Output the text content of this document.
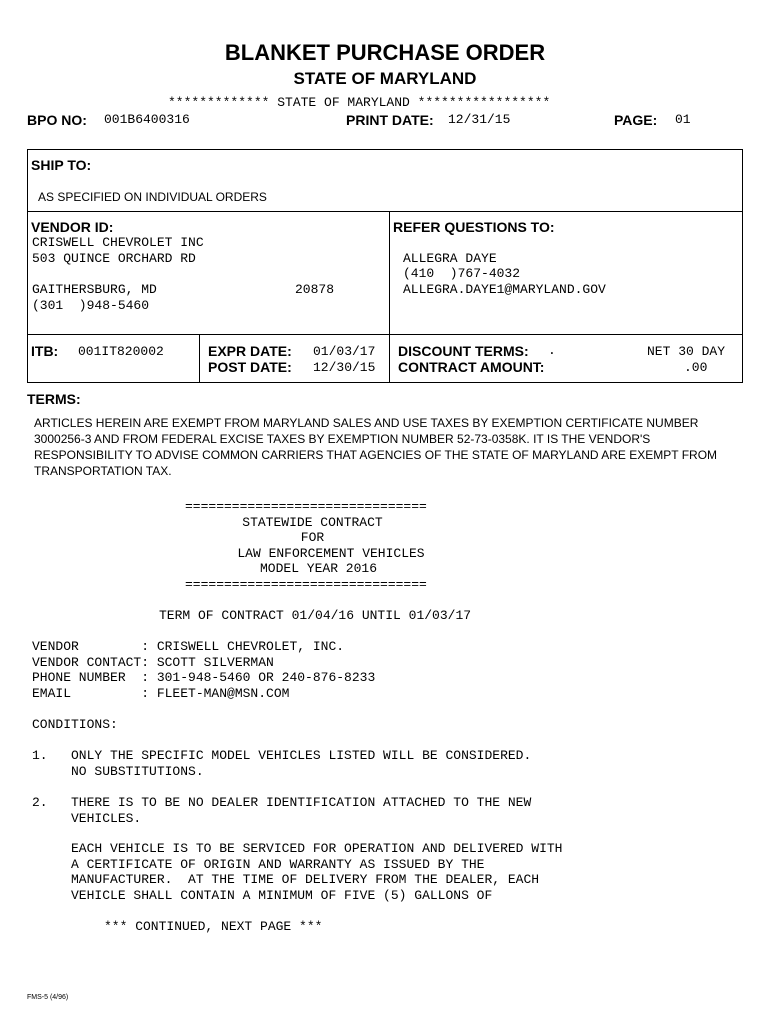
BLANKET PURCHASE ORDER
STATE OF MARYLAND
************* STATE OF MARYLAND *****************
BPO NO: 001B6400316	PRINT DATE: 12/31/15	PAGE: 01
SHIP TO:
AS SPECIFIED ON INDIVIDUAL ORDERS
VENDOR ID:
CRISWELL CHEVROLET INC
503 QUINCE ORCHARD RD
GAITHERSBURG, MD	20878
(301  )948-5460
REFER QUESTIONS TO:
ALLEGRA DAYE
(410  )767-4032
ALLEGRA.DAYE1@MARYLAND.GOV
ITB: 001IT820002	EXPR DATE: 01/03/17
POST DATE: 12/30/15
DISCOUNT TERMS: .	NET 30 DAY
CONTRACT AMOUNT:	.00
TERMS:
ARTICLES HEREIN ARE EXEMPT FROM MARYLAND SALES AND USE TAXES BY EXEMPTION CERTIFICATE NUMBER 3000256-3 AND FROM FEDERAL EXCISE TAXES BY EXEMPTION NUMBER 52-73-0358K. IT IS THE VENDOR'S RESPONSIBILITY TO ADVISE COMMON CARRIERS THAT AGENCIES OF THE STATE OF MARYLAND ARE EXEMPT FROM TRANSPORTATION TAX.
===============================
STATEWIDE CONTRACT
FOR
LAW ENFORCEMENT VEHICLES
MODEL YEAR 2016
===============================
TERM OF CONTRACT 01/04/16 UNTIL 01/03/17
VENDOR        : CRISWELL CHEVROLET, INC.
VENDOR CONTACT: SCOTT SILVERMAN
PHONE NUMBER  : 301-948-5460 OR 240-876-8233
EMAIL         : FLEET-MAN@MSN.COM
CONDITIONS:
1.   ONLY THE SPECIFIC MODEL VEHICLES LISTED WILL BE CONSIDERED.
NO SUBSTITUTIONS.
2.   THERE IS TO BE NO DEALER IDENTIFICATION ATTACHED TO THE NEW
VEHICLES.
EACH VEHICLE IS TO BE SERVICED FOR OPERATION AND DELIVERED WITH
A CERTIFICATE OF ORIGIN AND WARRANTY AS ISSUED BY THE
MANUFACTURER.  AT THE TIME OF DELIVERY FROM THE DEALER, EACH
VEHICLE SHALL CONTAIN A MINIMUM OF FIVE (5) GALLONS OF
*** CONTINUED, NEXT PAGE ***
FMS-5 (4/96)
